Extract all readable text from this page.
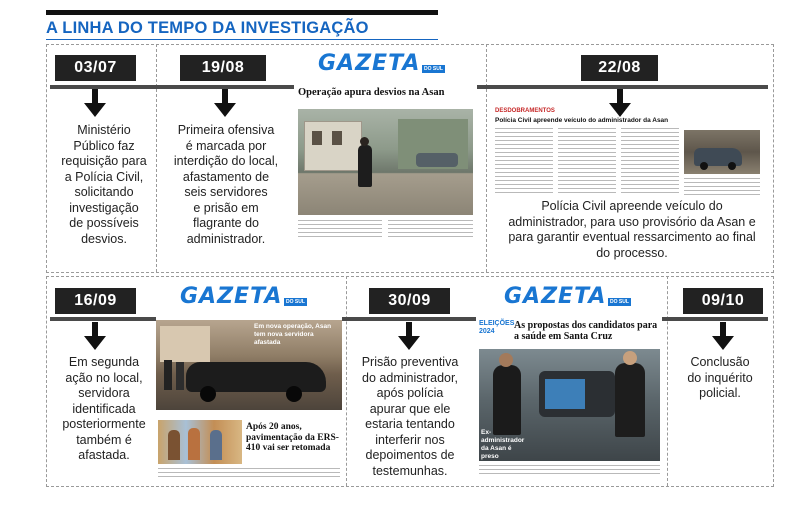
A LINHA DO TEMPO DA INVESTIGAÇÃO
03/07
Ministério
Público faz
requisição para
a Polícia Civil,
solicitando
investigação
de possíveis
desvios.
19/08
Primeira ofensiva
é marcada por
interdição do local,
afastamento de
seis servidores
e prisão em
flagrante do
administrador.
GAZETA DO SUL
Operação apura desvios na Asan
DESDOBRAMENTOS
Polícia Civil apreende veículo do administrador da Asan
22/08
Polícia Civil apreende veículo do
administrador, para uso provisório da Asan e
para garantir eventual ressarcimento ao final
do processo.
16/09
Em segunda
ação no local,
servidora
identificada
posteriormente
também é
afastada.
GAZETA DO SUL
Em nova operação, Asan tem nova servidora afastada
Após 20 anos, pavimentação da ERS-410 vai ser retomada
30/09
Prisão preventiva
do administrador,
após polícia
apurar que ele
estaria tentando
interferir nos
depoimentos de
testemunhas.
GAZETA DO SUL
ELEIÇÕES 2024
As propostas dos candidatos para a saúde em Santa Cruz
Ex-administrador da Asan é preso
09/10
Conclusão
do inquérito
policial.
